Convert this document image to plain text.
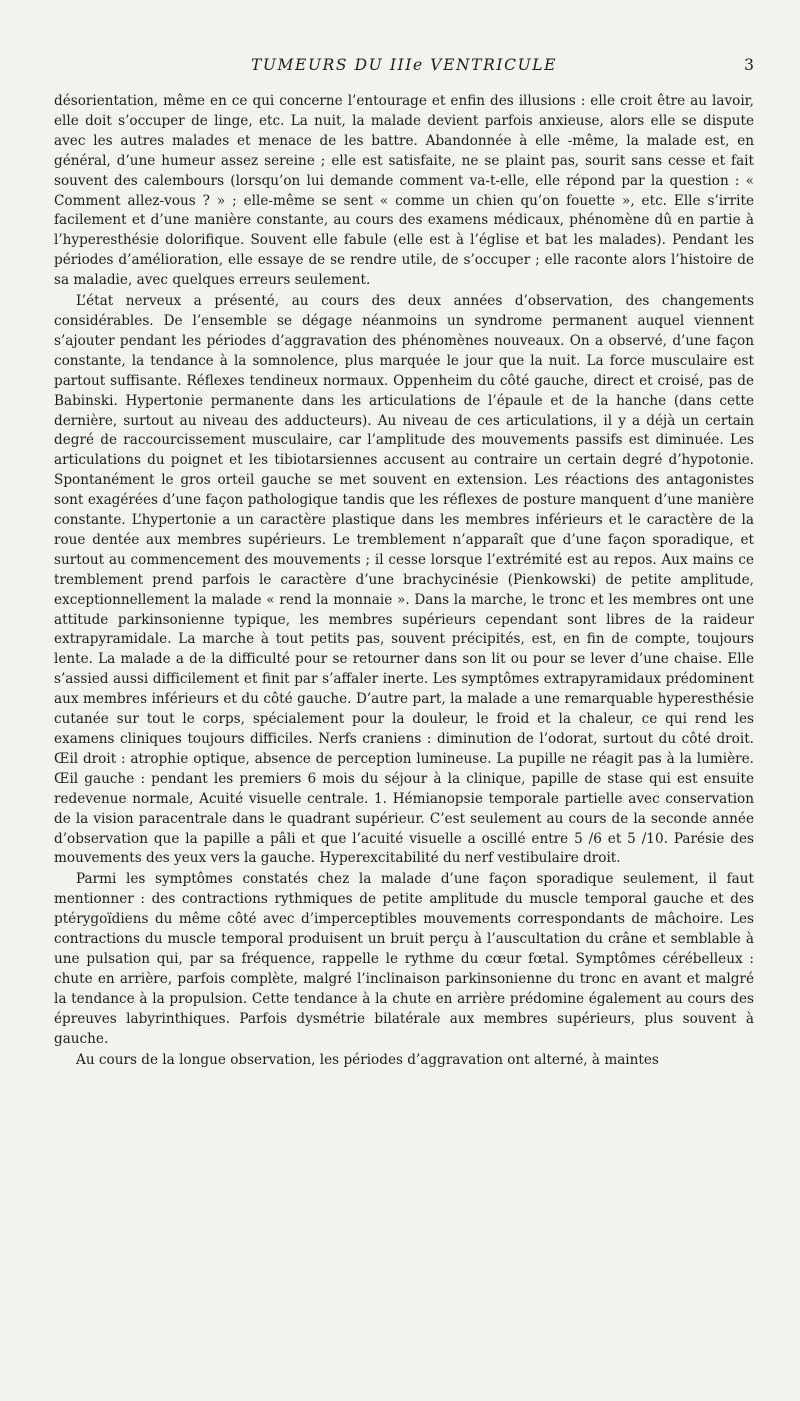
TUMEURS DU IIIe VENTRICULE	3

désorientation, même en ce qui concerne l’entourage et enfin des illusions : elle croit être au lavoir, elle doit s’occuper de linge, etc. La nuit, la malade devient parfois anxieuse, alors elle se dispute avec les autres malades et menace de les battre. Abandonnée à elle -même, la malade est, en général, d’une humeur assez sereine ; elle est satisfaite, ne se plaint pas, sourit sans cesse et fait souvent des calembours (lorsqu’on lui demande comment va-t-elle, elle répond par la question : « Comment allez-vous ? » ; elle-même se sent « comme un chien qu’on fouette », etc. Elle s’irrite facilement et d’une manière constante, au cours des examens médicaux, phénomène dû en partie à l’hyperesthésie dolorifique. Souvent elle fabule (elle est à l’église et bat les malades). Pendant les périodes d’amélioration, elle essaye de se rendre utile, de s’occuper ; elle raconte alors l’histoire de sa maladie, avec quelques erreurs seulement.

L’état nerveux a présenté, au cours des deux années d’observation, des changements considérables. De l’ensemble se dégage néanmoins un syndrome permanent auquel viennent s’ajouter pendant les périodes d’aggravation des phénomènes nouveaux. On a observé, d’une façon constante, la tendance à la somnolence, plus marquée le jour que la nuit. La force musculaire est partout suffisante. Réflexes tendineux normaux. Oppenheim du côté gauche, direct et croisé, pas de Babinski. Hypertonie permanente dans les articulations de l’épaule et de la hanche (dans cette dernière, surtout au niveau des adducteurs). Au niveau de ces articulations, il y a déjà un certain degré de raccourcissement musculaire, car l’amplitude des mouvements passifs est diminuée. Les articulations du poignet et les tibiotarsiennes accusent au contraire un certain degré d’hypotonie. Spontanément le gros orteil gauche se met souvent en extension. Les réactions des antagonistes sont exagérées d’une façon pathologique tandis que les réflexes de posture manquent d’une manière constante. L’hypertonie a un caractère plastique dans les membres inférieurs et le caractère de la roue dentée aux membres supérieurs. Le tremblement n’apparaît que d’une façon sporadique, et surtout au commencement des mouvements ; il cesse lorsque l’extrémité est au repos. Aux mains ce tremblement prend parfois le caractère d’une brachycinésie (Pienkowski) de petite amplitude, exceptionnellement la malade « rend la monnaie ». Dans la marche, le tronc et les membres ont une attitude parkinsonienne typique, les membres supérieurs cependant sont libres de la raideur extrapyramidale. La marche à tout petits pas, souvent précipités, est, en fin de compte, toujours lente. La malade a de la difficulté pour se retourner dans son lit ou pour se lever d’une chaise. Elle s’assied aussi difficilement et finit par s’affaler inerte. Les symptômes extrapyramidaux prédominent aux membres inférieurs et du côté gauche. D’autre part, la malade a une remarquable hyperesthésie cutanée sur tout le corps, spécialement pour la douleur, le froid et la chaleur, ce qui rend les examens cliniques toujours difficiles. Nerfs craniens : diminution de l’odorat, surtout du côté droit. Œil droit : atrophie optique, absence de perception lumineuse. La pupille ne réagit pas à la lumière. Œil gauche : pendant les premiers 6 mois du séjour à la clinique, papille de stase qui est ensuite redevenue normale, Acuité visuelle centrale. 1. Hémianopsie temporale partielle avec conservation de la vision paracentrale dans le quadrant supérieur. C’est seulement au cours de la seconde année d’observation que la papille a pâli et que l’acuité visuelle a oscillé entre 5 /6 et 5 /10. Parésie des mouvements des yeux vers la gauche. Hyperexcitabilité du nerf vestibulaire droit.

Parmi les symptômes constatés chez la malade d’une façon sporadique seulement, il faut mentionner : des contractions rythmiques de petite amplitude du muscle temporal gauche et des ptérygoïdiens du même côté avec d’imperceptibles mouvements correspondants de mâchoire. Les contractions du muscle temporal produisent un bruit perçu à l’auscultation du crâne et semblable à une pulsation qui, par sa fréquence, rappelle le rythme du cœur fœtal. Symptômes cérébelleux : chute en arrière, parfois complète, malgré l’inclinaison parkinsonienne du tronc en avant et malgré la tendance à la propulsion. Cette tendance à la chute en arrière prédomine également au cours des épreuves labyrinthiques. Parfois dysmétrie bilatérale aux membres supérieurs, plus souvent à gauche.

Au cours de la longue observation, les périodes d’aggravation ont alterné, à maintes
